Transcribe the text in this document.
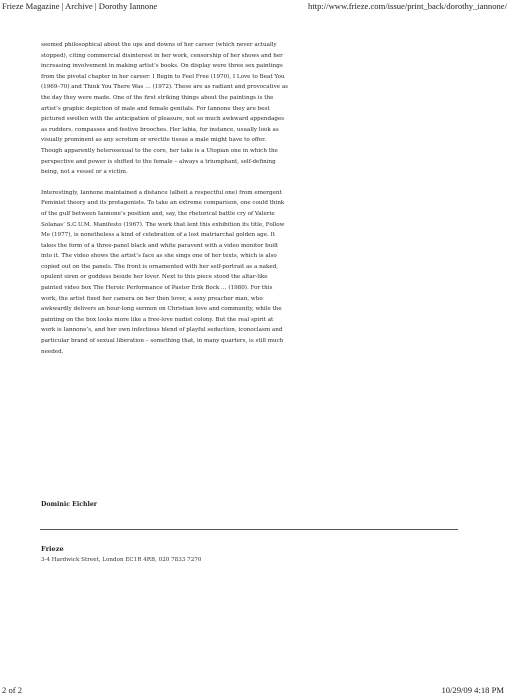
Frieze Magazine | Archive | Dorothy Iannone	http://www.frieze.com/issue/print_back/dorothy_iannone/

seemed philosophical about the ups and downs of her career (which never actually stopped), citing commercial disinterest in her work, censorship of her shows and her increasing involvement in making artist’s books. On display were three sex paintings from the pivotal chapter in her career: I Begin to Feel Free (1970), I Love to Beat You (1969–70) and Think You There Was … (1972). These are as radiant and provocative as the day they were made. One of the first striking things about the paintings is the artist’s graphic depiction of male and female genitals. For Iannone they are best pictured swollen with the anticipation of pleasure, not so much awkward appendages as rudders, compasses and festive brooches. Her labia, for instance, usually look as visually prominent as any scrotum or erectile tissue a male might have to offer. Though apparently heterosexual to the core, her take is a Utopian one in which the perspective and power is shifted to the female – always a triumphant, self-defining being, not a vessel or a victim.

Interestingly, Iannone maintained a distance (albeit a respectful one) from emergent Feminist theory and its protagonists. To take an extreme comparison, one could think of the gulf between Iannone’s position and, say, the rhetorical battle cry of Valerie Solanas’ S.C.U.M. Manifesto (1967). The work that lent this exhibition its title, Follow Me (1977), is nonetheless a kind of celebration of a lost matriarchal golden age. It takes the form of a three-panel black and white paravent with a video monitor built into it. The video shows the artist’s face as she sings one of her texts, which is also copied out on the panels. The front is ornamented with her self-portrait as a naked, opulent siren or goddess beside her lover. Next to this piece stood the altar-like painted video box The Heroic Performance of Pastor Erik Bock … (1980). For this work, the artist fixed her camera on her then lover, a sexy preacher man, who awkwardly delivers an hour-long sermon on Christian love and community, while the painting on the box looks more like a free-love nudist colony. But the real spirit at work is Iannone’s, and her own infectious blend of playful seduction, iconoclasm and particular brand of sexual liberation – something that, in many quarters, is still much needed.

Dominic Eichler
Frieze
3-4 Hardwick Street, London EC1R 4RB, 020 7833 7270
2 of 2	10/29/09 4:18 PM
